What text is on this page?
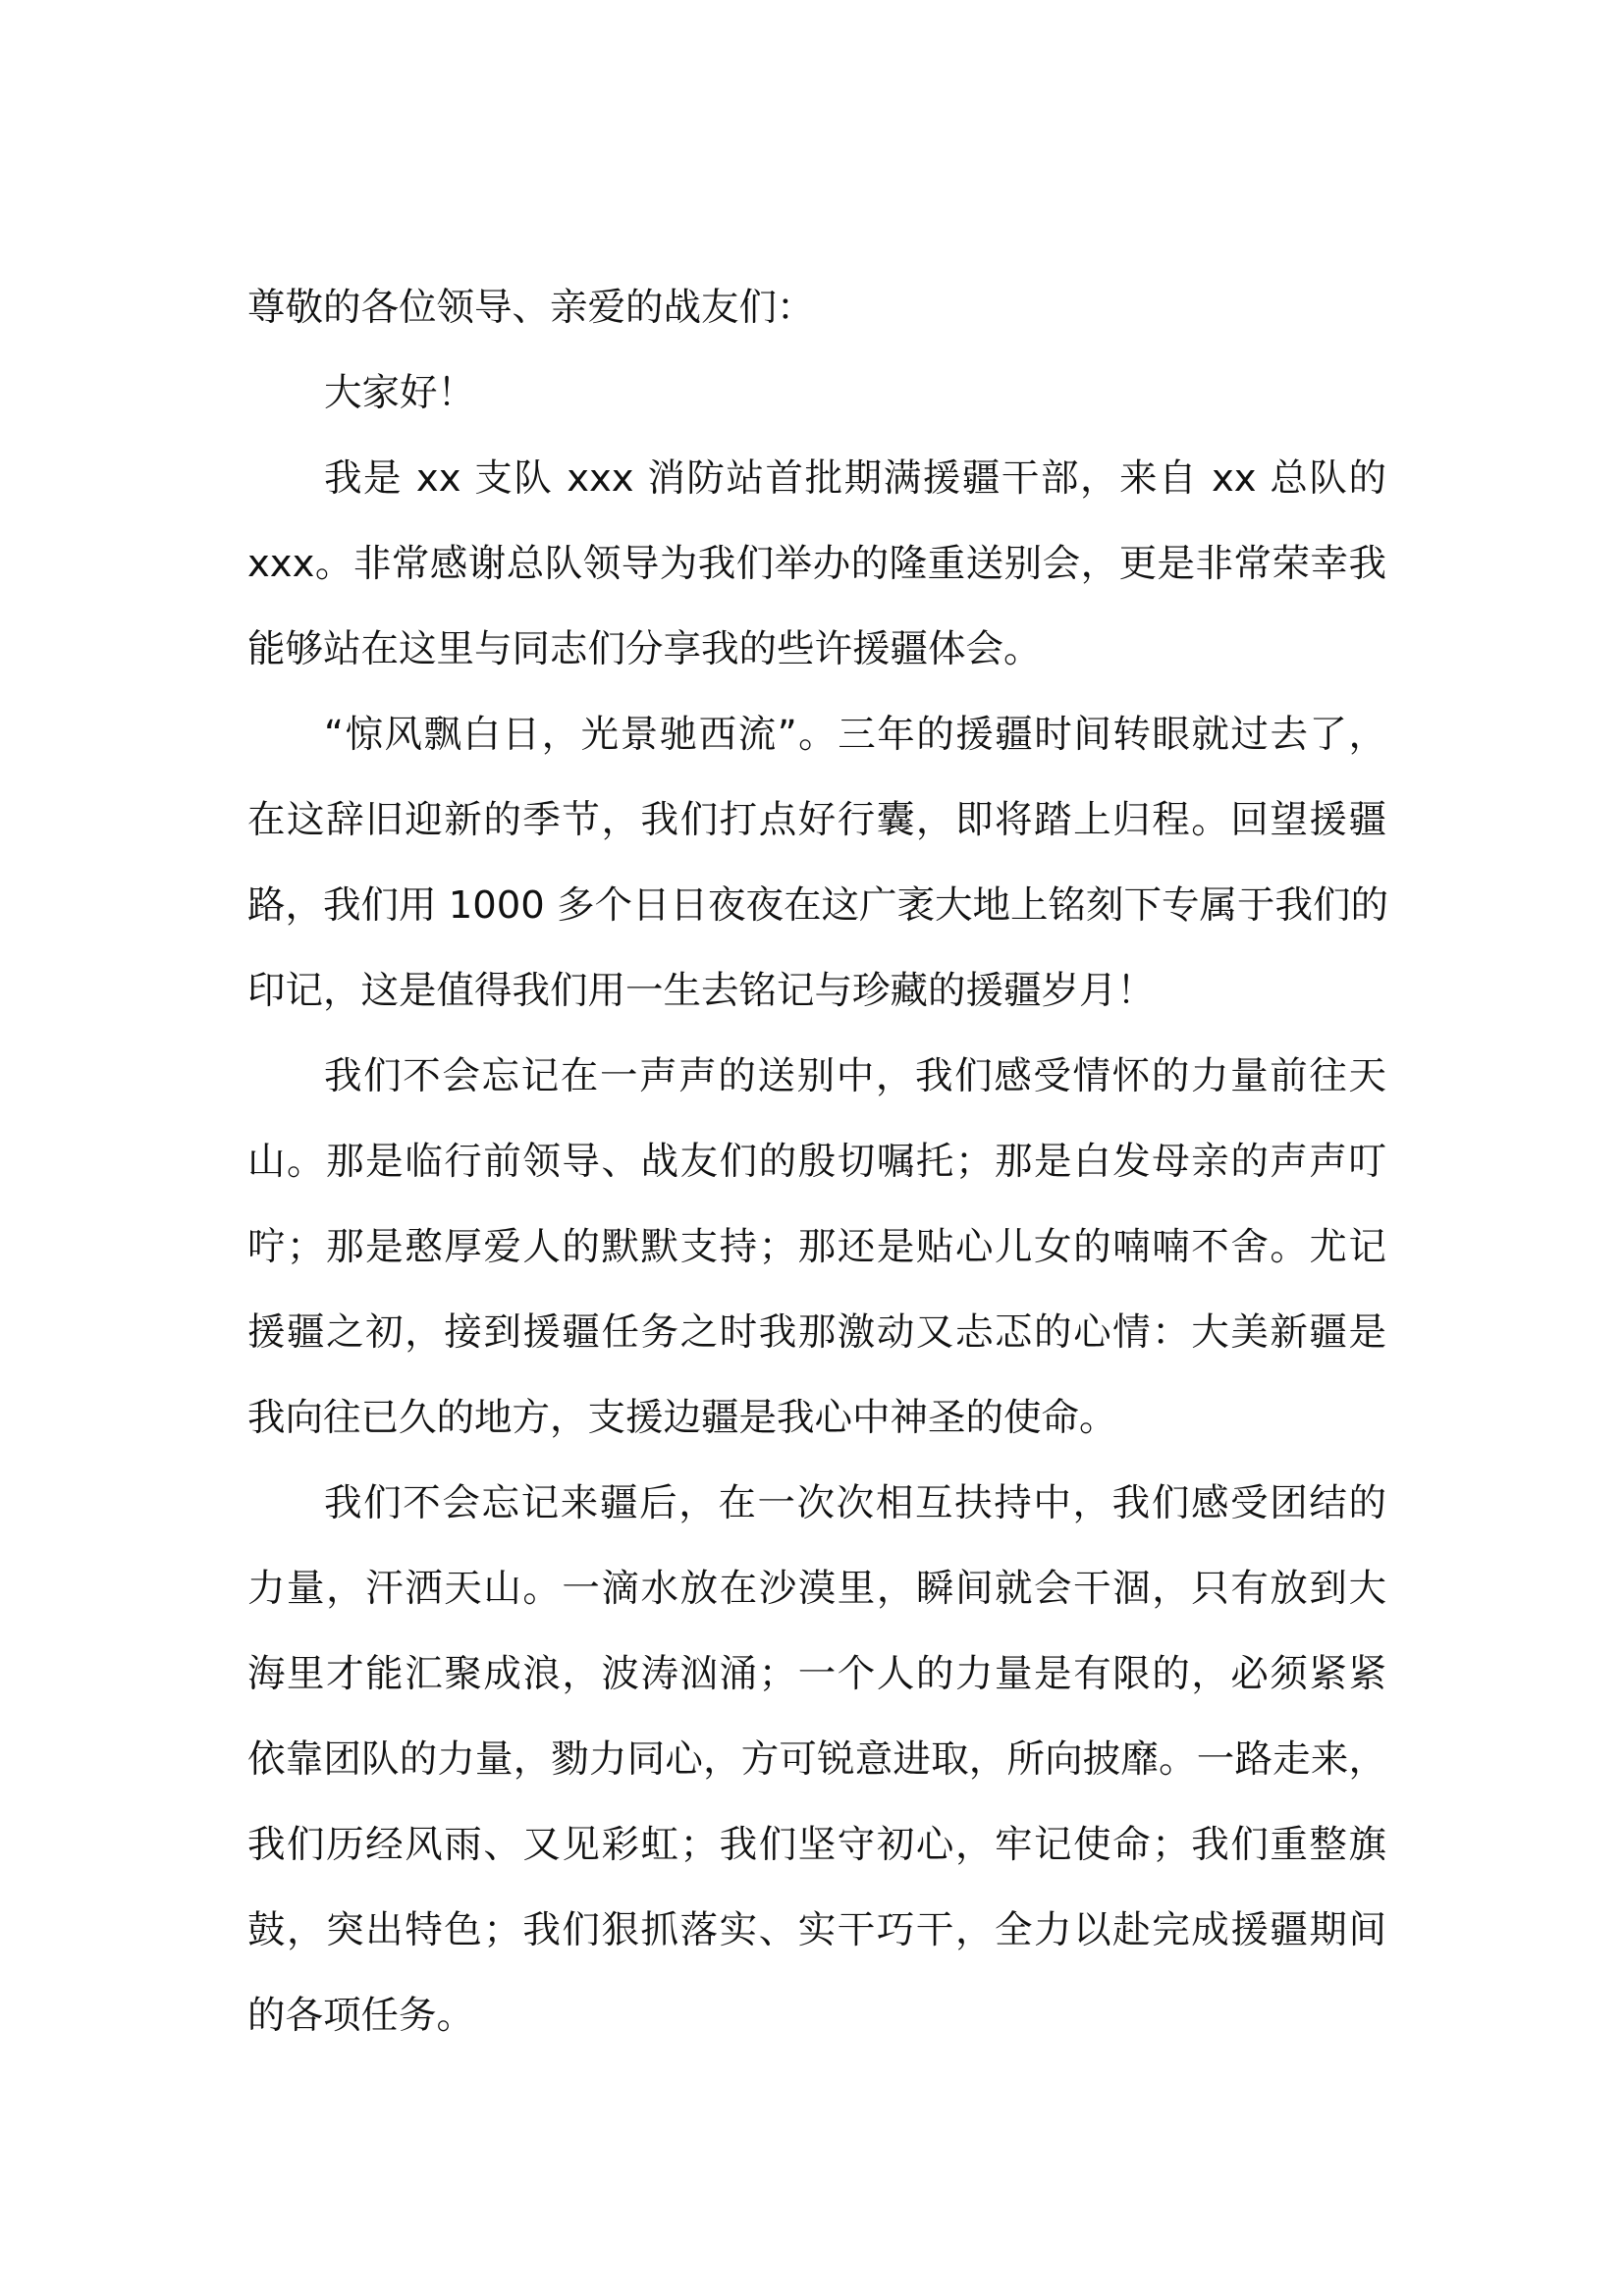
尊敬的各位领导、亲爱的战友们：
大家好！
我是 xx 支队 xxx 消防站首批期满援疆干部，来自 xx 总队的
xxx。非常感谢总队领导为我们举办的隆重送别会，更是非常荣幸我
能够站在这里与同志们分享我的些许援疆体会。
“惊风飘白日，光景驰西流”。三年的援疆时间转眼就过去了，
在这辞旧迎新的季节，我们打点好行囊，即将踏上归程。回望援疆
路，我们用 1000 多个日日夜夜在这广袤大地上铭刻下专属于我们的
印记，这是值得我们用一生去铭记与珍藏的援疆岁月！
我们不会忘记在一声声的送别中，我们感受情怀的力量前往天
山。那是临行前领导、战友们的殷切嘱托；那是白发母亲的声声叮
咛；那是憨厚爱人的默默支持；那还是贴心儿女的喃喃不舍。尤记
援疆之初，接到援疆任务之时我那激动又忐忑的心情：大美新疆是
我向往已久的地方，支援边疆是我心中神圣的使命。
我们不会忘记来疆后，在一次次相互扶持中，我们感受团结的
力量，汗洒天山。一滴水放在沙漠里，瞬间就会干涸，只有放到大
海里才能汇聚成浪，波涛汹涌；一个人的力量是有限的，必须紧紧
依靠团队的力量，勠力同心，方可锐意进取，所向披靡。一路走来，
我们历经风雨、又见彩虹；我们坚守初心，牢记使命；我们重整旗
鼓，突出特色；我们狠抓落实、实干巧干，全力以赴完成援疆期间
的各项任务。
